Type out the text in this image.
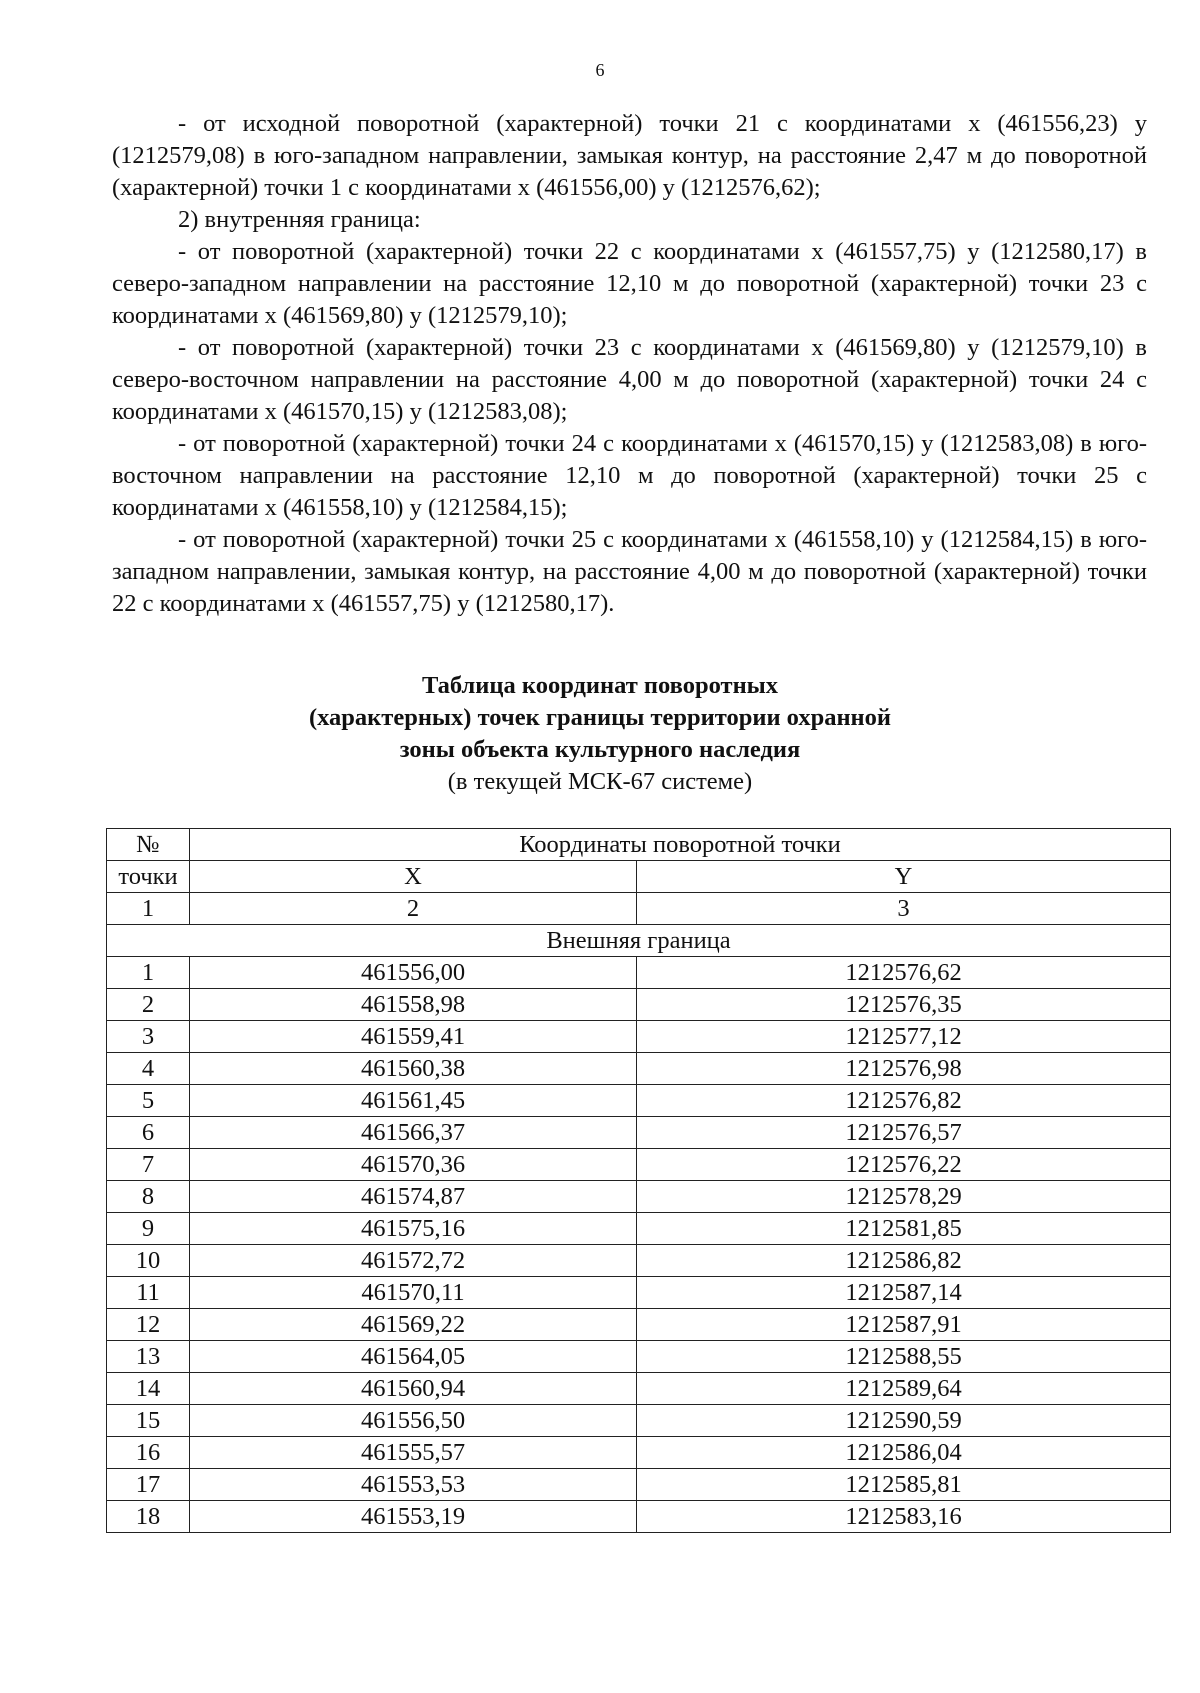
6

- от исходной поворотной (характерной) точки 21 с координатами x (461556,23) y (1212579,08) в юго-западном направлении, замыкая контур, на расстояние 2,47 м до поворотной (характерной) точки 1 с координатами x (461556,00) y (1212576,62);

2) внутренняя граница:

- от поворотной (характерной) точки 22 с координатами x (461557,75) y (1212580,17) в северо-западном направлении на расстояние 12,10 м до поворотной (характерной) точки 23 с координатами x (461569,80) y (1212579,10);

- от поворотной (характерной) точки 23 с координатами x (461569,80) y (1212579,10) в северо-восточном направлении на расстояние 4,00 м до поворотной (характерной) точки 24 с координатами x (461570,15) y (1212583,08);

- от поворотной (характерной) точки 24 с координатами x (461570,15) y (1212583,08) в юго-восточном направлении на расстояние 12,10 м до поворотной (характерной) точки 25 с координатами x (461558,10) y (1212584,15);

- от поворотной (характерной) точки 25 с координатами x (461558,10) y (1212584,15) в юго-западном направлении, замыкая контур, на расстояние 4,00 м до поворотной (характерной) точки 22 с координатами x (461557,75) y (1212580,17).

Таблица координат поворотных
(характерных) точек границы территории охранной
зоны объекта культурного наследия
(в текущей МСК-67 системе)
№	Координаты поворотной точки	
точки	X	Y
1	2	3
Внешняя граница		
1	461556,00	1212576,62
2	461558,98	1212576,35
3	461559,41	1212577,12
4	461560,38	1212576,98
5	461561,45	1212576,82
6	461566,37	1212576,57
7	461570,36	1212576,22
8	461574,87	1212578,29
9	461575,16	1212581,85
10	461572,72	1212586,82
11	461570,11	1212587,14
12	461569,22	1212587,91
13	461564,05	1212588,55
14	461560,94	1212589,64
15	461556,50	1212590,59
16	461555,57	1212586,04
17	461553,53	1212585,81
18	461553,19	1212583,16
